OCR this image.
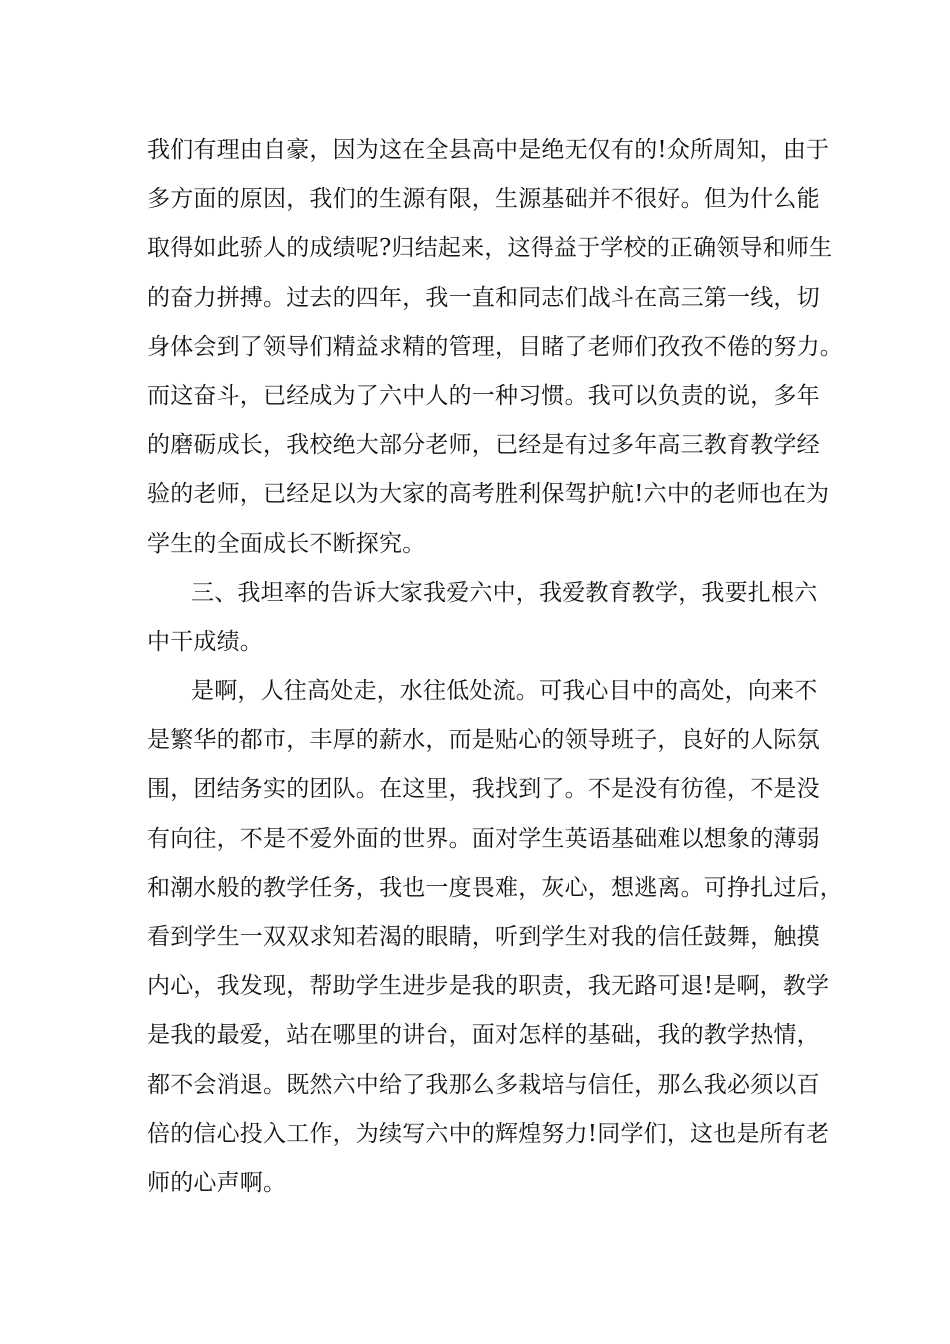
我们有理由自豪，因为这在全县高中是绝无仅有的!众所周知，由于
多方面的原因，我们的生源有限，生源基础并不很好。但为什么能
取得如此骄人的成绩呢?归结起来，这得益于学校的正确领导和师生
的奋力拼搏。过去的四年，我一直和同志们战斗在高三第一线，切
身体会到了领导们精益求精的管理，目睹了老师们孜孜不倦的努力。
而这奋斗，已经成为了六中人的一种习惯。我可以负责的说，多年
的磨砺成长，我校绝大部分老师，已经是有过多年高三教育教学经
验的老师，已经足以为大家的高考胜利保驾护航!六中的老师也在为
学生的全面成长不断探究。
三、我坦率的告诉大家我爱六中，我爱教育教学，我要扎根六
中干成绩。
是啊，人往高处走，水往低处流。可我心目中的高处，向来不
是繁华的都市，丰厚的薪水，而是贴心的领导班子，良好的人际氛
围，团结务实的团队。在这里，我找到了。不是没有彷徨，不是没
有向往，不是不爱外面的世界。面对学生英语基础难以想象的薄弱
和潮水般的教学任务，我也一度畏难，灰心，想逃离。可挣扎过后，
看到学生一双双求知若渴的眼睛，听到学生对我的信任鼓舞，触摸
内心，我发现，帮助学生进步是我的职责，我无路可退!是啊，教学
是我的最爱，站在哪里的讲台，面对怎样的基础，我的教学热情，
都不会消退。既然六中给了我那么多栽培与信任，那么我必须以百
倍的信心投入工作，为续写六中的辉煌努力!同学们，这也是所有老
师的心声啊。
